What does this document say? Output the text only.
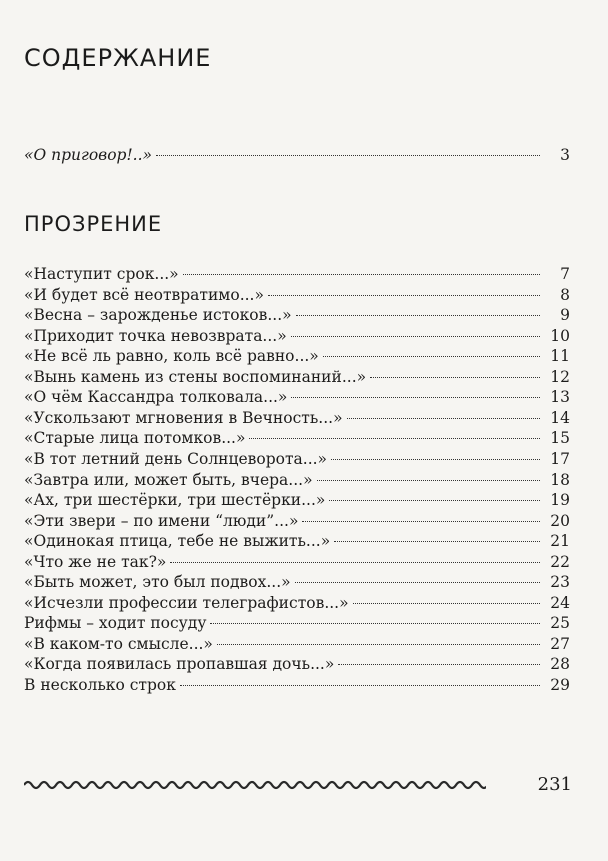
СОДЕРЖАНИЕ
«О приговор!..»	3
ПРОЗРЕНИЕ
«Наступит срок...»	7
«И будет всё неотвратимо...»	8
«Весна – зарожденье истоков...»	9
«Приходит точка невозврата...»	10
«Не всё ль равно, коль всё равно...»	11
«Вынь камень из стены воспоминаний...»	12
«О чём Кассандра толковала...»	13
«Ускользают мгновения в Вечность...»	14
«Старые лица потомков...»	15
«В тот летний день Солнцеворота...»	17
«Завтра или, может быть, вчера...»	18
«Ах, три шестёрки, три шестёрки...»	19
«Эти звери – по имени “люди”...»	20
«Одинокая птица, тебе не выжить...»	21
«Что же не так?»	22
«Быть может, это был подвох...»	23
«Исчезли профессии телеграфистов...»	24
Рифмы – ходит посуду	25
«В каком-то смысле...»	27
«Когда появилась пропавшая дочь...»	28
В несколько строк	29
231
